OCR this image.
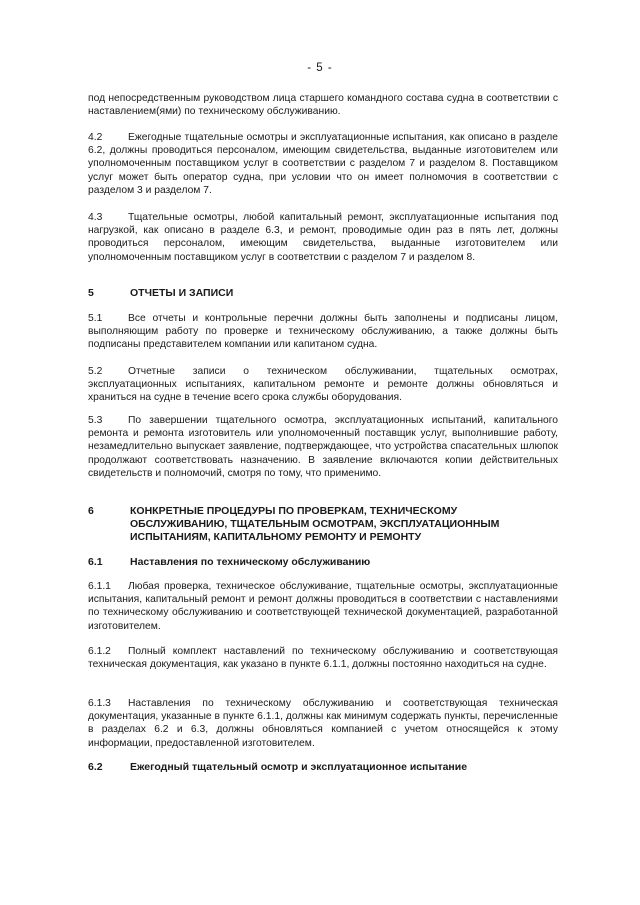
- 5 -

под непосредственным руководством лица старшего командного состава судна в соответствии с наставлением(ями) по техническому обслуживанию.

4.2 Ежегодные тщательные осмотры и эксплуатационные испытания, как описано в разделе 6.2, должны проводиться персоналом, имеющим свидетельства, выданные изготовителем или уполномоченным поставщиком услуг в соответствии с разделом 7 и разделом 8. Поставщиком услуг может быть оператор судна, при условии что он имеет полномочия в соответствии с разделом 3 и разделом 7.

4.3 Тщательные осмотры, любой капитальный ремонт, эксплуатационные испытания под нагрузкой, как описано в разделе 6.3, и ремонт, проводимые один раз в пять лет, должны проводиться персоналом, имеющим свидетельства, выданные изготовителем или уполномоченным поставщиком услуг в соответствии с разделом 7 и разделом 8.

5	ОТЧЕТЫ И ЗАПИСИ

5.1 Все отчеты и контрольные перечни должны быть заполнены и подписаны лицом, выполняющим работу по проверке и техническому обслуживанию, а также должны быть подписаны представителем компании или капитаном судна.

5.2 Отчетные записи о техническом обслуживании, тщательных осмотрах, эксплуатационных испытаниях, капитальном ремонте и ремонте должны обновляться и храниться на судне в течение всего срока службы оборудования.

5.3 По завершении тщательного осмотра, эксплуатационных испытаний, капитального ремонта и ремонта изготовитель или уполномоченный поставщик услуг, выполнившие работу, незамедлительно выпускает заявление, подтверждающее, что устройства спасательных шлюпок продолжают соответствовать назначению. В заявление включаются копии действительных свидетельств и полномочий, смотря по тому, что применимо.

6	КОНКРЕТНЫЕ ПРОЦЕДУРЫ ПО ПРОВЕРКАМ, ТЕХНИЧЕСКОМУ ОБСЛУЖИВАНИЮ, ТЩАТЕЛЬНЫМ ОСМОТРАМ, ЭКСПЛУАТАЦИОННЫМ ИСПЫТАНИЯМ, КАПИТАЛЬНОМУ РЕМОНТУ И РЕМОНТУ
6.1	Наставления по техническому обслуживанию

6.1.1 Любая проверка, техническое обслуживание, тщательные осмотры, эксплуатационные испытания, капитальный ремонт и ремонт должны проводиться в соответствии с наставлениями по техническому обслуживанию и соответствующей технической документацией, разработанной изготовителем.

6.1.2 Полный комплект наставлений по техническому обслуживанию и соответствующая техническая документация, как указано в пункте 6.1.1, должны постоянно находиться на судне.

6.1.3 Наставления по техническому обслуживанию и соответствующая техническая документация, указанные в пункте 6.1.1, должны как минимум содержать пункты, перечисленные в разделах 6.2 и 6.3, должны обновляться компанией с учетом относящейся к этому информации, предоставленной изготовителем.

6.2	Ежегодный тщательный осмотр и эксплуатационное испытание
